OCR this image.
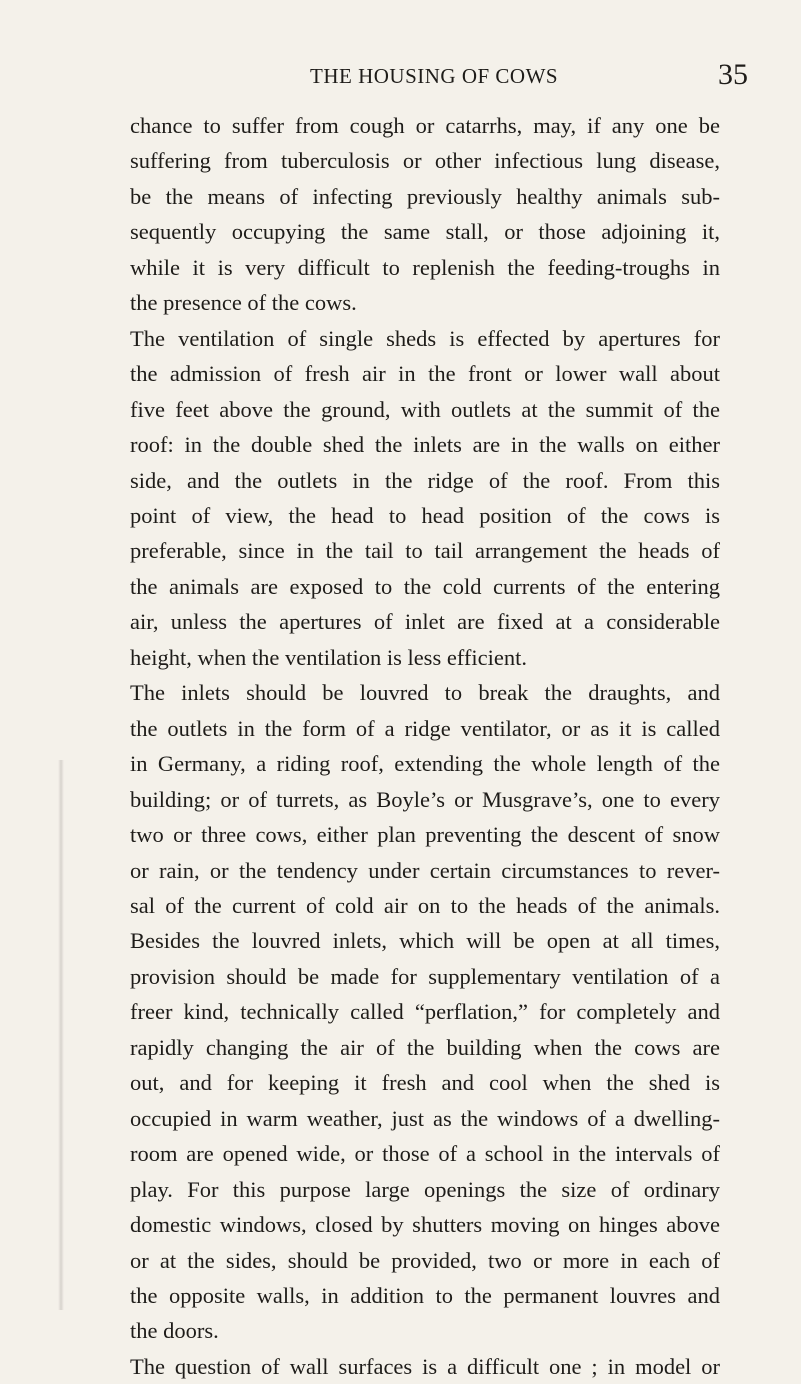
THE HOUSING OF COWS	35
chance to suffer from cough or catarrhs, may, if any one be
suffering from tuberculosis or other infectious lung disease,
be the means of infecting previously healthy animals sub-
sequently occupying the same stall, or those adjoining it,
while it is very difficult to replenish the feeding-troughs in
the presence of the cows.
The ventilation of single sheds is effected by apertures for
the admission of fresh air in the front or lower wall about
five feet above the ground, with outlets at the summit of the
roof: in the double shed the inlets are in the walls on either
side, and the outlets in the ridge of the roof. From this
point of view, the head to head position of the cows is
preferable, since in the tail to tail arrangement the heads of
the animals are exposed to the cold currents of the entering
air, unless the apertures of inlet are fixed at a considerable
height, when the ventilation is less efficient.
The inlets should be louvred to break the draughts, and
the outlets in the form of a ridge ventilator, or as it is called
in Germany, a riding roof, extending the whole length of the
building; or of turrets, as Boyle’s or Musgrave’s, one to every
two or three cows, either plan preventing the descent of snow
or rain, or the tendency under certain circumstances to rever-
sal of the current of cold air on to the heads of the animals.
Besides the louvred inlets, which will be open at all times,
provision should be made for supplementary ventilation of a
freer kind, technically called “perflation,” for completely and
rapidly changing the air of the building when the cows are
out, and for keeping it fresh and cool when the shed is
occupied in warm weather, just as the windows of a dwelling-
room are opened wide, or those of a school in the intervals of
play. For this purpose large openings the size of ordinary
domestic windows, closed by shutters moving on hinges above
or at the sides, should be provided, two or more in each of
the opposite walls, in addition to the permanent louvres and
the doors.
The question of wall surfaces is a difficult one ; in model or
